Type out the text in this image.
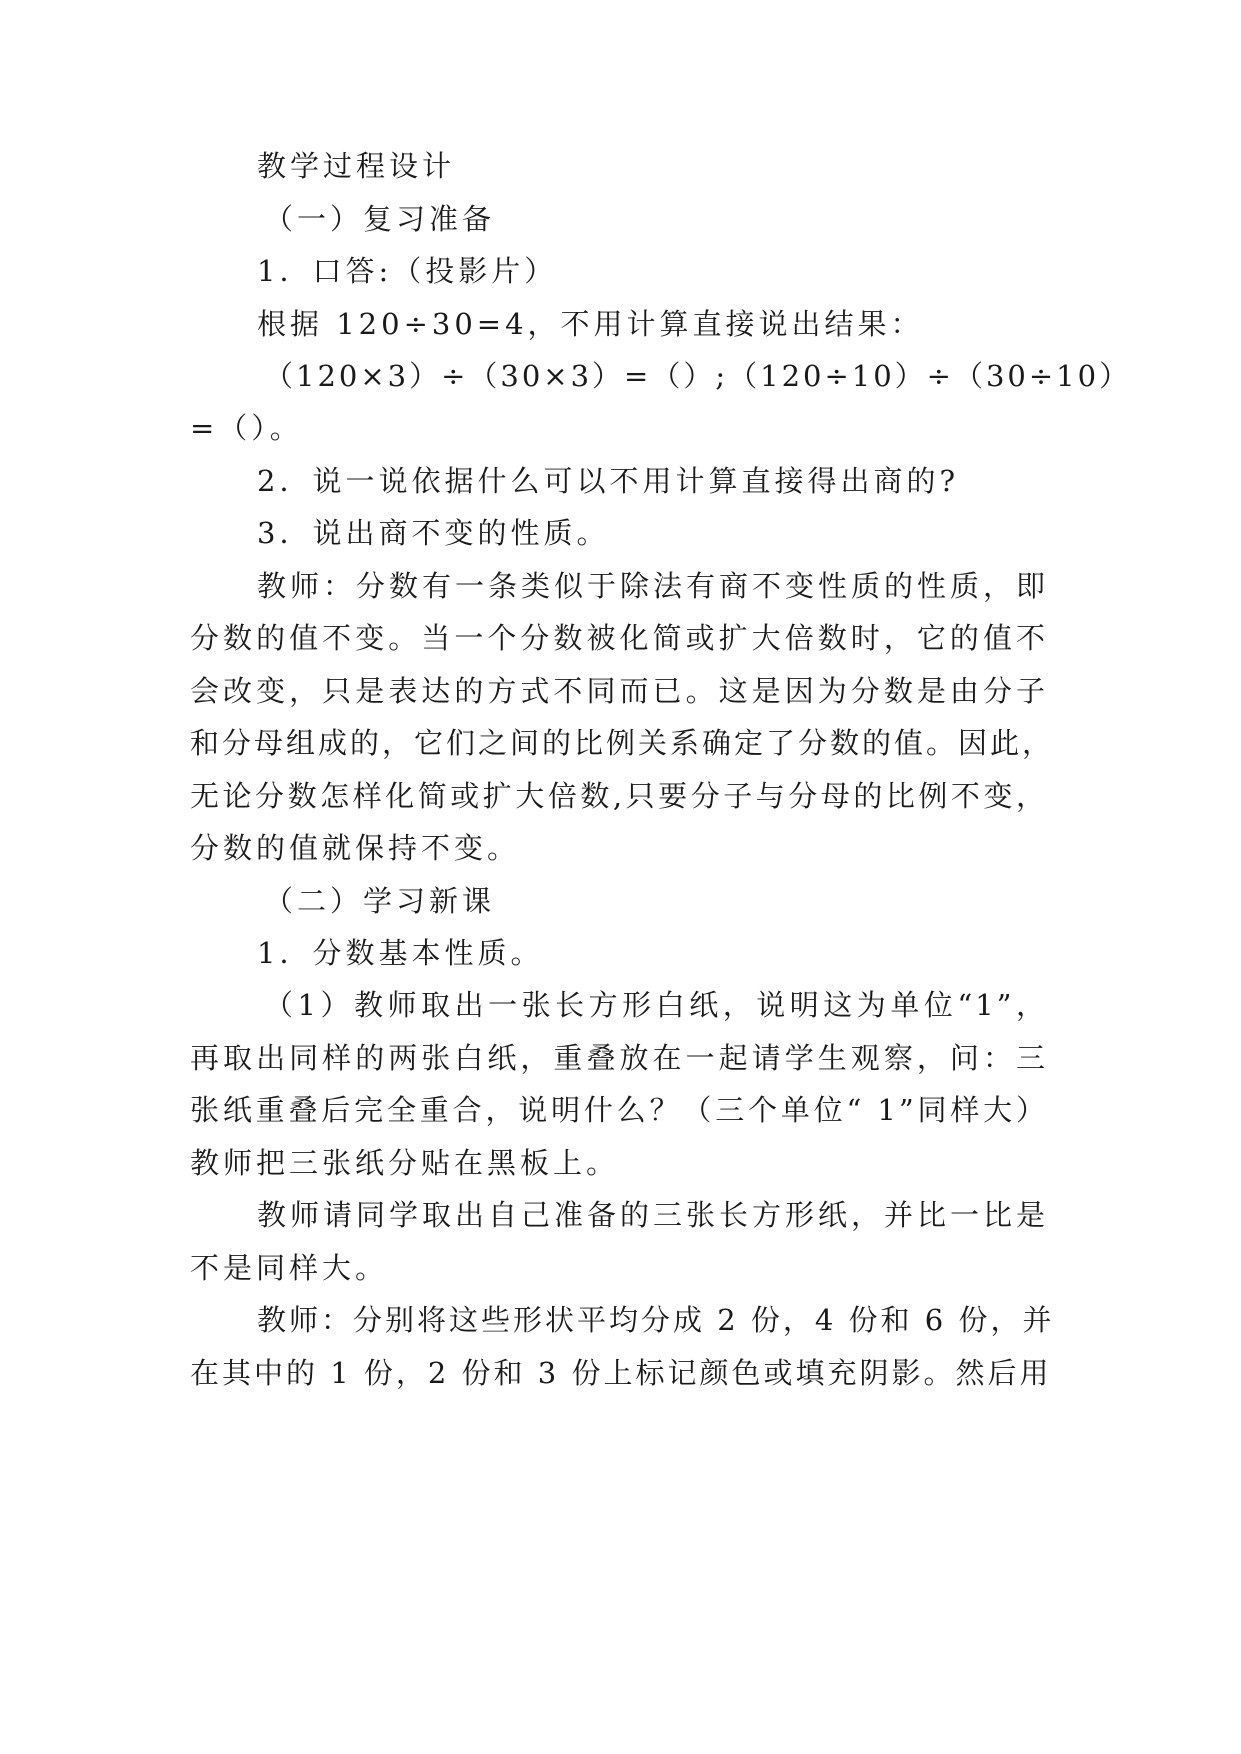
教学过程设计
（一）复习准备
1．口答:（投影片）
根据 120÷30=4，不用计算直接说出结果：
（120×3）÷（30×3）=（）;（120÷10）÷（30÷10）
=（）。
2．说一说依据什么可以不用计算直接得出商的?
3．说出商不变的性质。
教师：分数有一条类似于除法有商不变性质的性质，即
分数的值不变。当一个分数被化简或扩大倍数时，它的值不
会改变，只是表达的方式不同而已。这是因为分数是由分子
和分母组成的，它们之间的比例关系确定了分数的值。因此，
无论分数怎样化简或扩大倍数,只要分子与分母的比例不变，
分数的值就保持不变。
（二）学习新课
1．分数基本性质。
（1）教师取出一张长方形白纸，说明这为单位“1”，
再取出同样的两张白纸，重叠放在一起请学生观察，问：三
张纸重叠后完全重合，说明什么？（三个单位“ 1”同样大）
教师把三张纸分贴在黑板上。
教师请同学取出自己准备的三张长方形纸，并比一比是
不是同样大。
教师：分别将这些形状平均分成 2 份，4 份和 6 份，并
在其中的 1 份，2 份和 3 份上标记颜色或填充阴影。然后用
